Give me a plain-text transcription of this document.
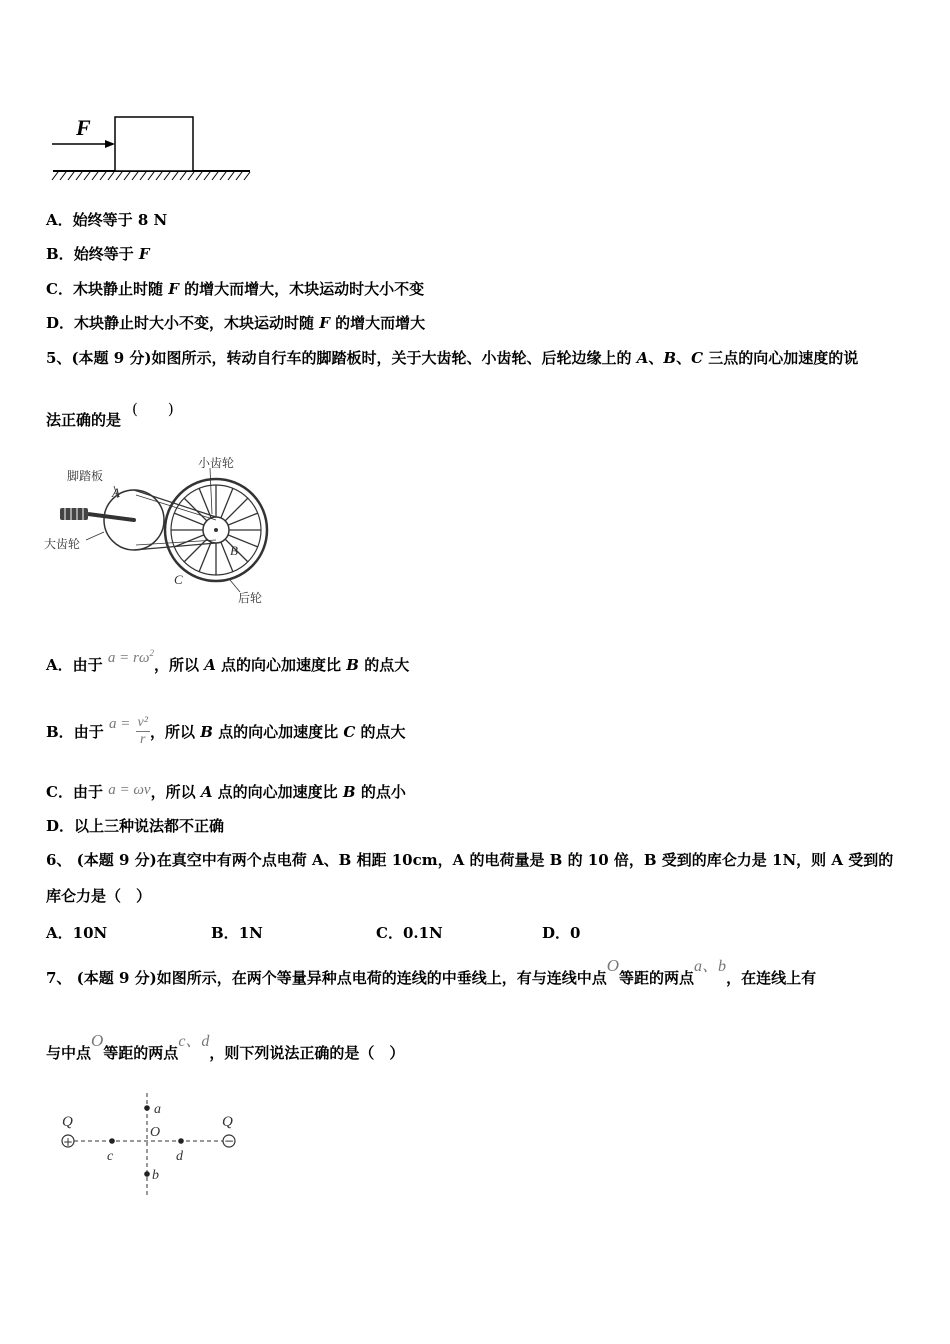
F
A．始终等于 8 N
B．始终等于 F
C．木块静止时随 F 的增大而增大，木块运动时大小不变
D．木块静止时大小不变，木块运动时随 F 的增大而增大
5、(本题 9 分)如图所示，转动自行车的脚踏板时，关于大齿轮、小齿轮、后轮边缘上的 A、B、C 三点的向心加速度的说
法正确的是
(　　)
脚踏板
A
小齿轮
大齿轮	B
C
后轮
A．由于 $a = r\omega^2$，所以 A 点的向心加速度比 B 的点大
B．由于 $a = \frac{\text{v²}}{r}$ ，所以 B 点的向心加速度比 C 的点大
C．由于 a = ωv，所以 A 点的向心加速度比 B 的点小
D．以上三种说法都不正确
6、 (本题 9 分)在真空中有两个点电荷 A、B 相距 10cm，A 的电荷量是 B 的 10 倍，B 受到的库仑力是 1N，则 A 受到的
库仑力是（　）
A．10N	B．1N	C．0.1N	D．0
7、 (本题 9 分)如图所示，在两个等量异种点电荷的连线的中垂线上，有与连线中点O等距的两点a、b，在连线上有
与中点O等距的两点c、d，则下列说法正确的是（　）
+	−
Q	Q
a
O
c	d
b
